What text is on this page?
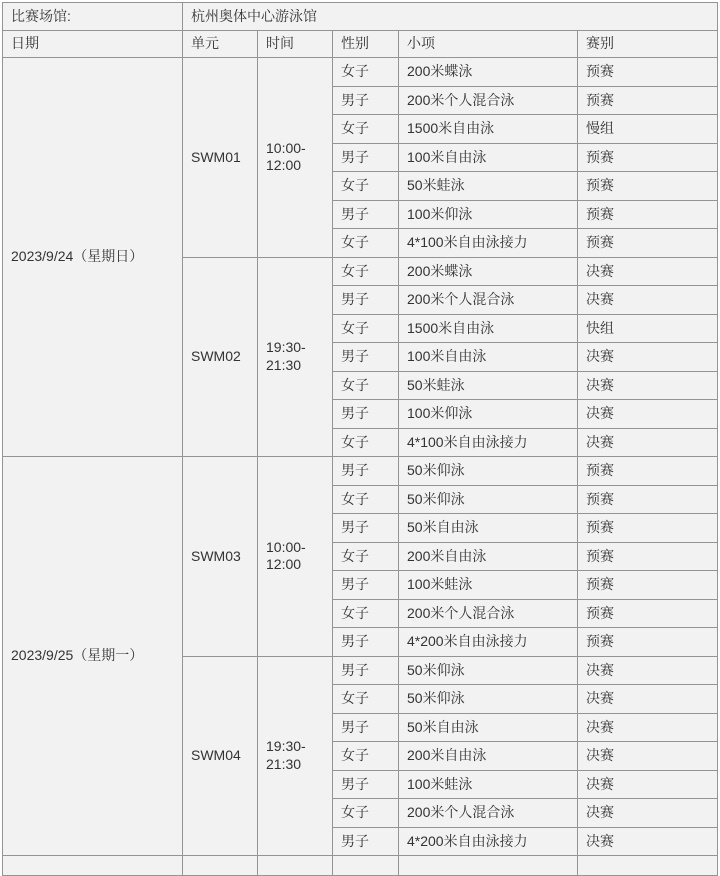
比赛场馆:	杭州奥体中心游泳馆				
日期	单元	时间	性别	小项	赛别
2023/9/24（星期日）	SWM01	10:00-12:00	女子	200米蝶泳	预赛
			男子	200米个人混合泳	预赛
			女子	1500米自由泳	慢组
			男子	100米自由泳	预赛
			女子	50米蛙泳	预赛
			男子	100米仰泳	预赛
			女子	4*100米自由泳接力	预赛
	SWM02	19:30-21:30	女子	200米蝶泳	决赛
			男子	200米个人混合泳	决赛
			女子	1500米自由泳	快组
			男子	100米自由泳	决赛
			女子	50米蛙泳	决赛
			男子	100米仰泳	决赛
			女子	4*100米自由泳接力	决赛
2023/9/25（星期一）	SWM03	10:00-12:00	男子	50米仰泳	预赛
			女子	50米仰泳	预赛
			男子	50米自由泳	预赛
			女子	200米自由泳	预赛
			男子	100米蛙泳	预赛
			女子	200米个人混合泳	预赛
			男子	4*200米自由泳接力	预赛
	SWM04	19:30-21:30	男子	50米仰泳	决赛
			女子	50米仰泳	决赛
			男子	50米自由泳	决赛
			女子	200米自由泳	决赛
			男子	100米蛙泳	决赛
			女子	200米个人混合泳	决赛
			男子	4*200米自由泳接力	决赛
